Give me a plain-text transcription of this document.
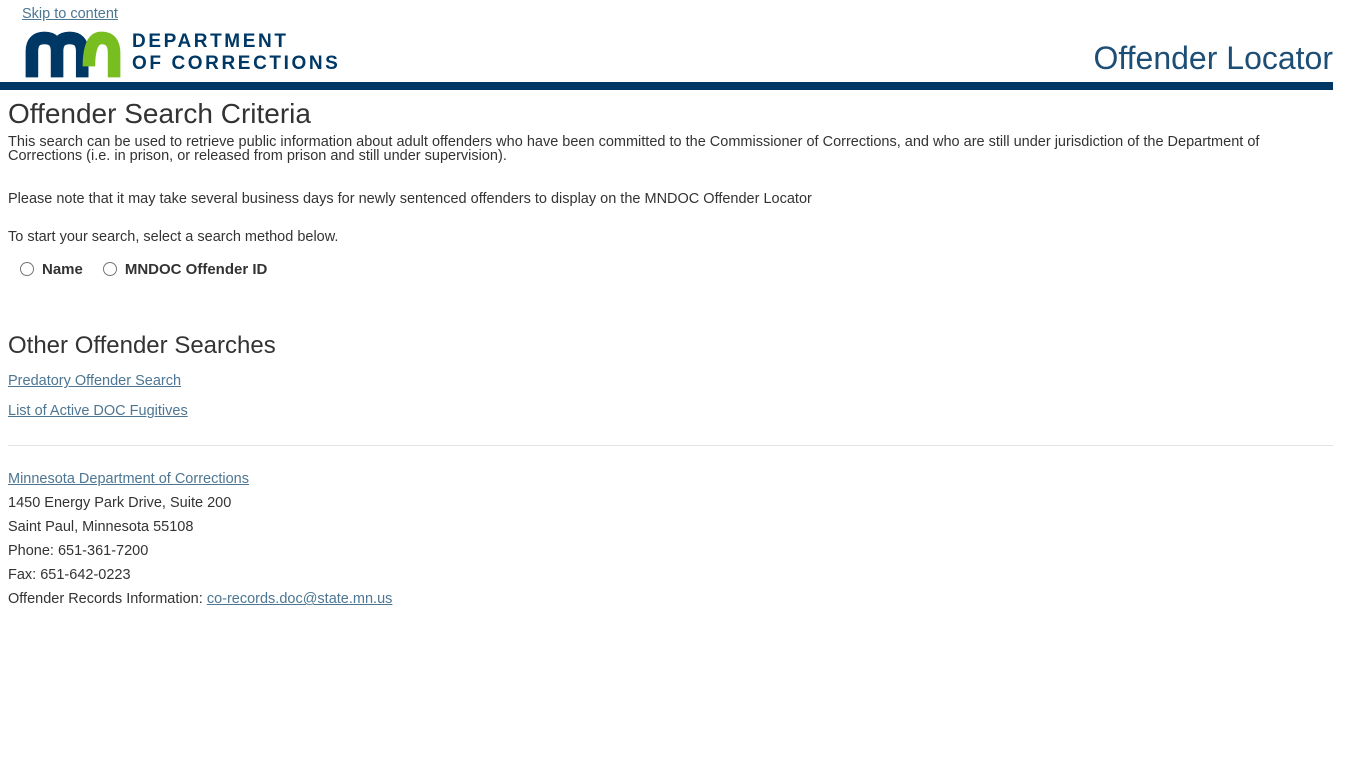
Skip to content
DEPARTMENT
OF CORRECTIONS	Offender Locator
Offender Search Criteria

This search can be used to retrieve public information about adult offenders who have been committed to the Commissioner of Corrections, and who are still under jurisdiction of the Department of Corrections (i.e. in prison, or released from prison and still under supervision).

Please note that it may take several business days for newly sentenced offenders to display on the MNDOC Offender Locator

To start your search, select a search method below.

Name	MNDOC Offender ID
Other Offender Searches

Predatory Offender Search

List of Active DOC Fugitives

Minnesota Department of Corrections

1450 Energy Park Drive, Suite 200

Saint Paul, Minnesota 55108

Phone: 651-361-7200

Fax: 651-642-0223

Offender Records Information: co-records.doc@state.mn.us
